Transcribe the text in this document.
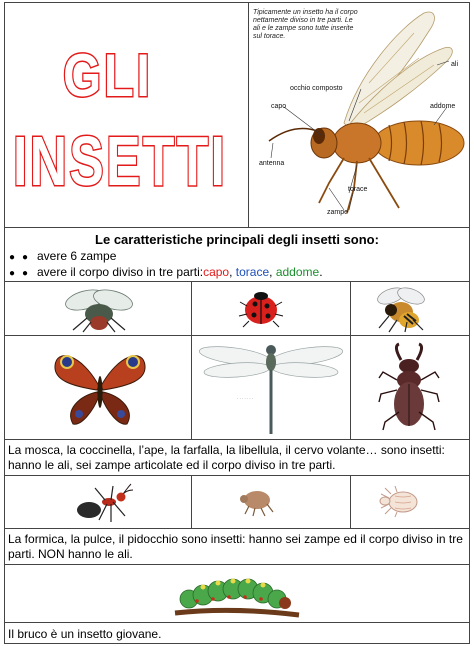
GLI
INSETTI
Tipicamente un insetto ha il corpo nettamente diviso in tre parti. Le ali e le zampe sono tutte inserite sul torace.
ali
occhio composto
capo	addome
antenna
torace
zampe
Le caratteristiche principali degli insetti sono:
●● avere 6 zampe
●● avere il corpo diviso in tre parti:capo, torace, addome.
· · · · · · ·
La mosca, la coccinella, l’ape, la farfalla, la libellula, il cervo volante… sono insetti: hanno le ali, sei zampe articolate ed il corpo diviso in tre parti.
La formica, la pulce, il pidocchio sono insetti: hanno sei zampe ed il corpo diviso in tre parti. NON hanno le ali.
Il bruco è un insetto giovane.
